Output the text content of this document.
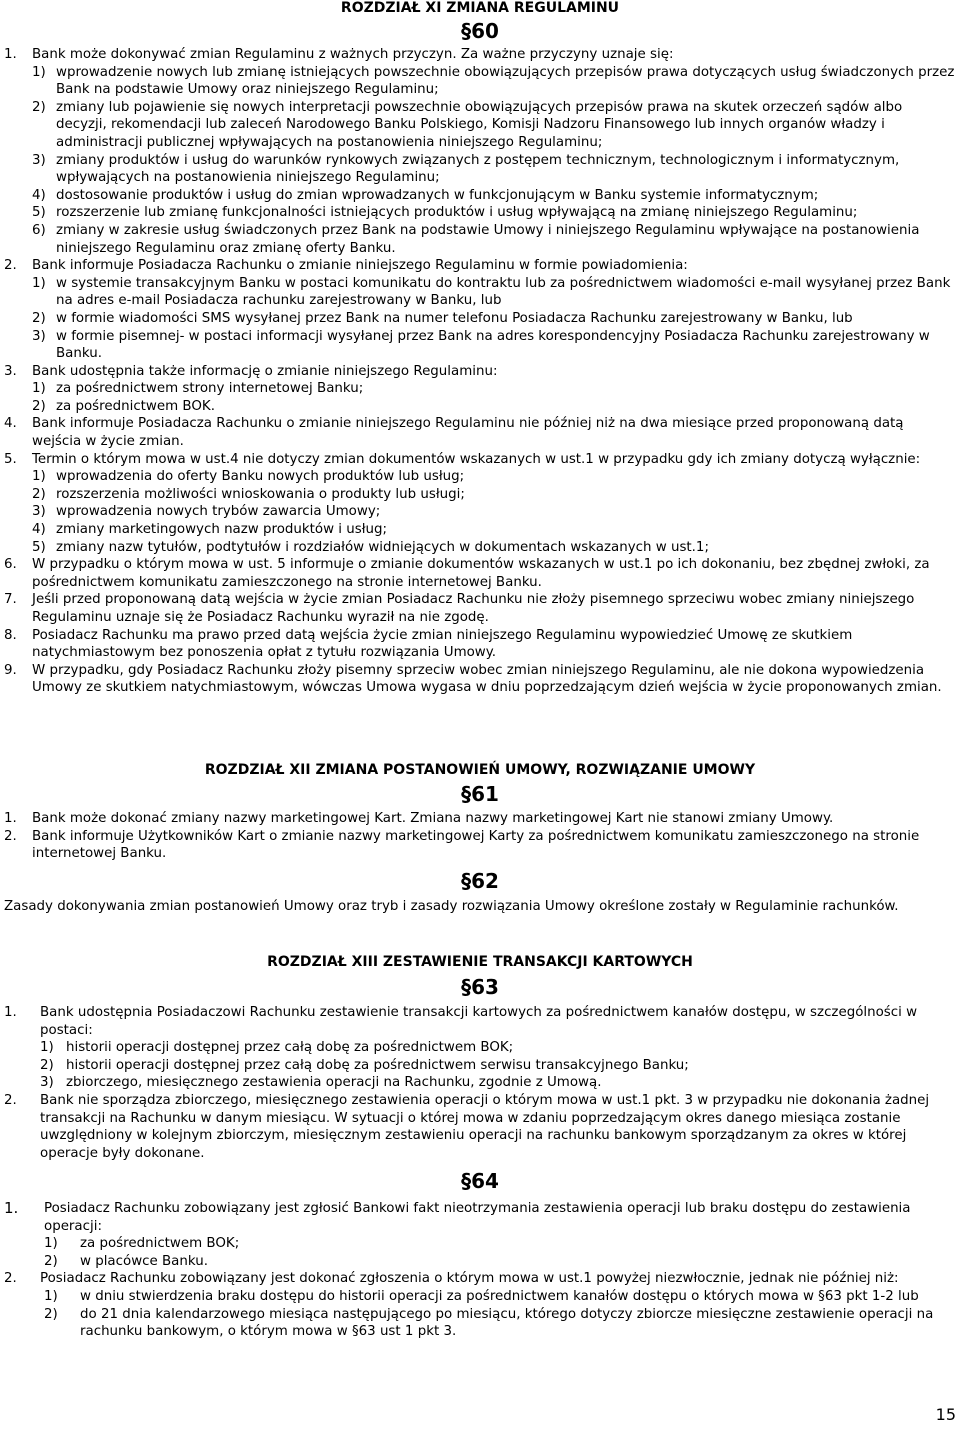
ROZDZIAŁ XI ZMIANA REGULAMINU
§60
1.	Bank może dokonywać zmian Regulaminu z ważnych przyczyn. Za ważne przyczyny uznaje się:
1) wprowadzenie nowych lub zmianę istniejących powszechnie obowiązujących przepisów prawa dotyczących usług świadczonych przez Bank na podstawie Umowy oraz niniejszego Regulaminu;
2) zmiany lub pojawienie się nowych interpretacji powszechnie obowiązujących przepisów prawa na skutek orzeczeń sądów albo decyzji, rekomendacji lub zaleceń Narodowego Banku Polskiego, Komisji Nadzoru Finansowego lub innych organów władzy i administracji publicznej wpływających na postanowienia niniejszego Regulaminu;
3) zmiany produktów i usług do warunków rynkowych związanych z postępem technicznym, technologicznym i informatycznym, wpływających na postanowienia niniejszego Regulaminu;
4) dostosowanie produktów i usług do zmian wprowadzanych w funkcjonującym w Banku systemie informatycznym;
5) rozszerzenie lub zmianę funkcjonalności istniejących produktów i usług wpływającą na zmianę niniejszego Regulaminu;
6) zmiany w zakresie usług świadczonych przez Bank na podstawie Umowy i niniejszego Regulaminu wpływające na postanowienia niniejszego Regulaminu oraz zmianę oferty Banku.
2.	Bank informuje Posiadacza Rachunku o zmianie niniejszego Regulaminu w formie powiadomienia:
1) w systemie transakcyjnym Banku w postaci komunikatu do kontraktu lub za pośrednictwem wiadomości e-mail wysyłanej przez Bank na adres e-mail Posiadacza rachunku zarejestrowany w Banku, lub
2) w formie wiadomości SMS wysyłanej przez Bank na numer telefonu Posiadacza Rachunku zarejestrowany w Banku, lub
3) w formie pisemnej- w postaci informacji wysyłanej przez Bank na adres korespondencyjny Posiadacza Rachunku zarejestrowany w Banku.
3.	Bank udostępnia także informację o zmianie niniejszego Regulaminu:
1) za pośrednictwem strony internetowej Banku;
2) za pośrednictwem BOK.
4.	Bank informuje Posiadacza Rachunku o zmianie niniejszego Regulaminu nie później niż na dwa miesiące przed proponowaną datą wejścia w życie zmian.
5.	Termin o którym mowa w ust.4 nie dotyczy zmian dokumentów wskazanych w ust.1 w przypadku gdy ich zmiany dotyczą wyłącznie:
1) wprowadzenia do oferty Banku nowych produktów lub usług;
2) rozszerzenia możliwości wnioskowania o produkty lub usługi;
3) wprowadzenia nowych trybów zawarcia Umowy;
4) zmiany marketingowych nazw produktów i usług;
5) zmiany nazw tytułów, podtytułów i rozdziałów widniejących w dokumentach wskazanych w ust.1;
6.	W przypadku o którym mowa w ust. 5 informuje o zmianie dokumentów wskazanych w ust.1 po ich dokonaniu, bez zbędnej zwłoki, za pośrednictwem komunikatu zamieszczonego na stronie internetowej Banku.
7.	Jeśli przed proponowaną datą wejścia w życie zmian Posiadacz Rachunku nie złoży pisemnego sprzeciwu wobec zmiany niniejszego Regulaminu uznaje się że Posiadacz Rachunku wyraził na nie zgodę.
8.	Posiadacz Rachunku ma prawo przed datą wejścia życie zmian niniejszego Regulaminu wypowiedzieć Umowę ze skutkiem natychmiastowym bez ponoszenia opłat z tytułu rozwiązania Umowy.
9.	W przypadku, gdy Posiadacz Rachunku złoży pisemny sprzeciw wobec zmian niniejszego Regulaminu, ale nie dokona wypowiedzenia Umowy ze skutkiem natychmiastowym, wówczas Umowa wygasa w dniu poprzedzającym dzień wejścia w życie proponowanych zmian.
ROZDZIAŁ XII ZMIANA POSTANOWIEŃ UMOWY, ROZWIĄZANIE UMOWY
§61
1.	Bank może dokonać zmiany nazwy marketingowej Kart. Zmiana nazwy marketingowej Kart nie stanowi zmiany Umowy.
2.	Bank informuje Użytkowników Kart o zmianie nazwy marketingowej Karty za pośrednictwem komunikatu zamieszczonego na stronie internetowej Banku.
§62
Zasady dokonywania zmian postanowień Umowy oraz tryb i zasady rozwiązania Umowy określone zostały w Regulaminie rachunków.
ROZDZIAŁ XIII ZESTAWIENIE TRANSAKCJI KARTOWYCH
§63
1.	Bank udostępnia Posiadaczowi Rachunku zestawienie transakcji kartowych za pośrednictwem kanałów dostępu, w szczególności w postaci:
1) historii operacji dostępnej przez całą dobę za pośrednictwem BOK;
2) historii operacji dostępnej przez całą dobę za pośrednictwem serwisu transakcyjnego Banku;
3) zbiorczego, miesięcznego zestawienia operacji na Rachunku, zgodnie z Umową.
2.	Bank nie sporządza zbiorczego, miesięcznego zestawienia operacji o którym mowa w ust.1 pkt. 3 w przypadku nie dokonania żadnej transakcji na Rachunku w danym miesiącu. W sytuacji o której mowa w zdaniu poprzedzającym okres danego miesiąca zostanie uwzględniony w kolejnym zbiorczym, miesięcznym zestawieniu operacji na rachunku bankowym sporządzanym za okres w której operacje były dokonane.
§64
1.	Posiadacz Rachunku zobowiązany jest zgłosić Bankowi fakt nieotrzymania zestawienia operacji lub braku dostępu do zestawienia operacji:
1)	za pośrednictwem BOK;
2)	w placówce Banku.
2.	Posiadacz Rachunku zobowiązany jest dokonać zgłoszenia o którym mowa w ust.1 powyżej niezwłocznie, jednak nie później niż:
1)	w dniu stwierdzenia braku dostępu do historii operacji za pośrednictwem kanałów dostępu o których mowa w §63 pkt 1-2 lub
2)	do 21 dnia kalendarzowego miesiąca następującego po miesiącu, którego dotyczy zbiorcze miesięczne zestawienie operacji na rachunku bankowym, o którym mowa w §63 ust 1 pkt 3.
15
